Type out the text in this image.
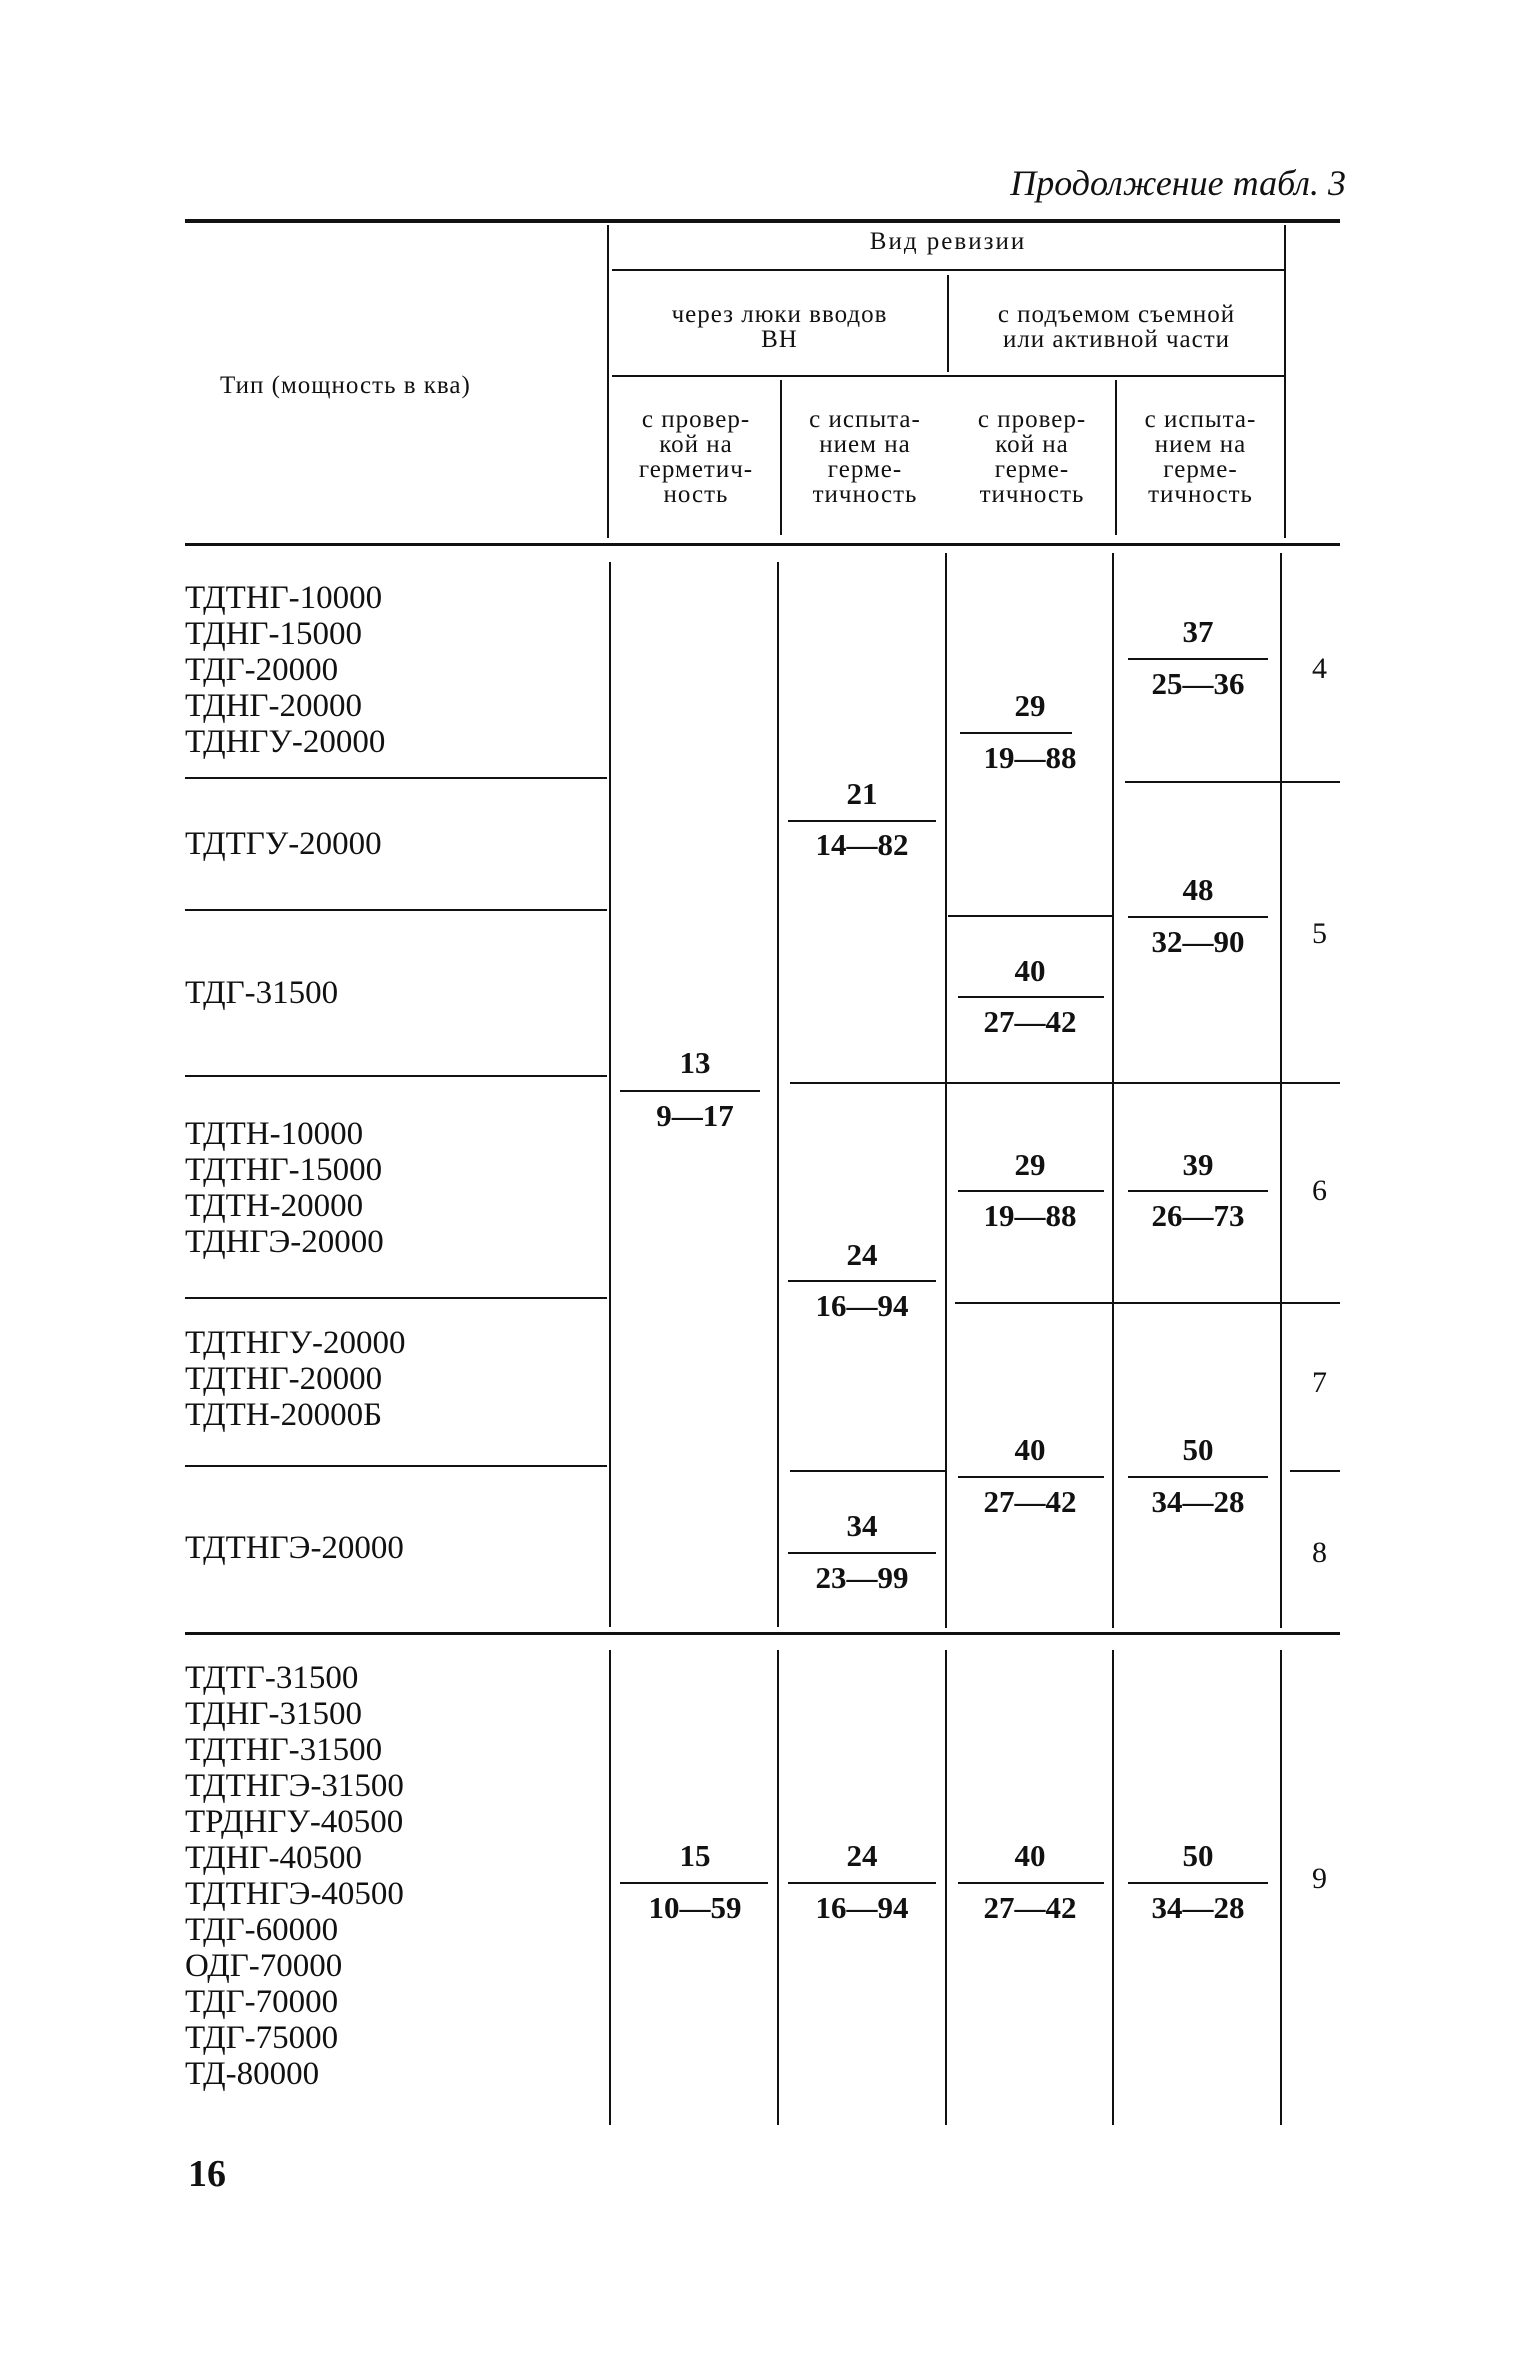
Продолжение табл. 3
Тип (мощность в ква)
Вид ревизии
через люки вводов
ВН
с подъемом съемной
или активной части
с провер-
кой на
герметич-
ность
с испыта-
нием на
герме-
тичность
с провер-
кой на
герме-
тичность
с испыта-
нием на
герме-
тичность
ТДТНГ-10000
ТДНГ-15000
ТДГ-20000
ТДНГ-20000
ТДНГУ-20000
ТДТГУ-20000
ТДГ-31500
ТДТН-10000
ТДТНГ-15000
ТДТН-20000
ТДНГЭ-20000
ТДТНГУ-20000
ТДТНГ-20000
ТДТН-20000Б
ТДТНГЭ-20000
ТДТГ-31500
ТДНГ-31500
ТДТНГ-31500
ТДТНГЭ-31500
ТРДНГУ-40500
ТДНГ-40500
ТДТНГЭ-40500
ТДГ-60000
ОДГ-70000
ТДГ-70000
ТДГ-75000
ТД-80000
13
9—17
21
14—82
24
16—94
34
23—99
29
19—88
40
27—42
29
19—88
40
27—42
37
25—36
48
32—90
39
26—73
50
34—28
15
10—59
24
16—94
40
27—42
50
34—28
4
5
6
7
8
9
16
